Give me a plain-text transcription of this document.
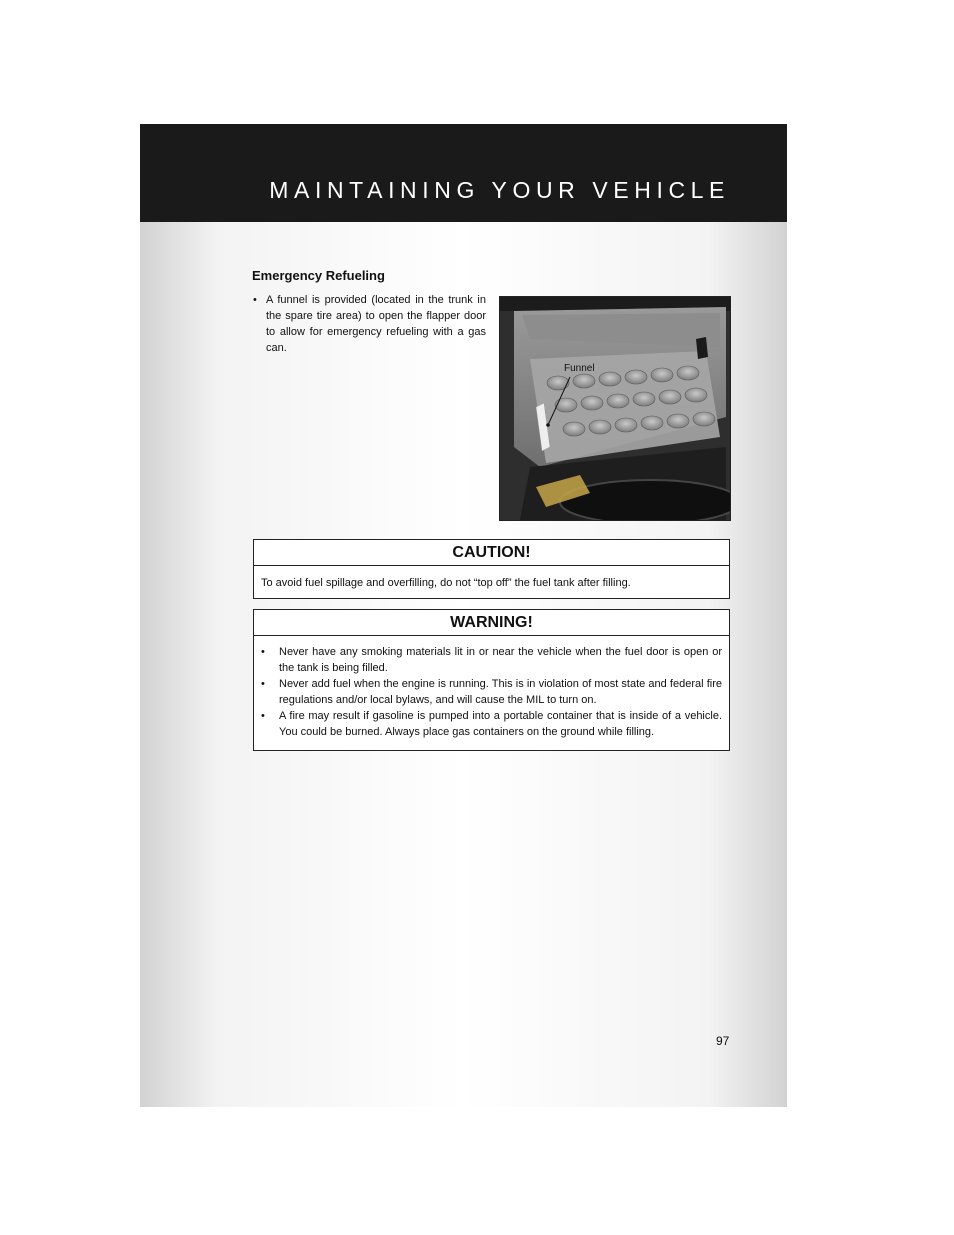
MAINTAINING YOUR VEHICLE
Emergency Refueling
• A funnel is provided (located in the trunk in the spare tire area) to open the flapper door to allow for emergency refueling with a gas can.
Funnel
CAUTION!
To avoid fuel spillage and overfilling, do not “top off” the fuel tank after filling.
WARNING!
• Never have any smoking materials lit in or near the vehicle when the fuel door is open or the tank is being filled.
• Never add fuel when the engine is running. This is in violation of most state and federal fire regulations and/or local bylaws, and will cause the MIL to turn on.
• A fire may result if gasoline is pumped into a portable container that is inside of a vehicle. You could be burned. Always place gas containers on the ground while filling.
97
